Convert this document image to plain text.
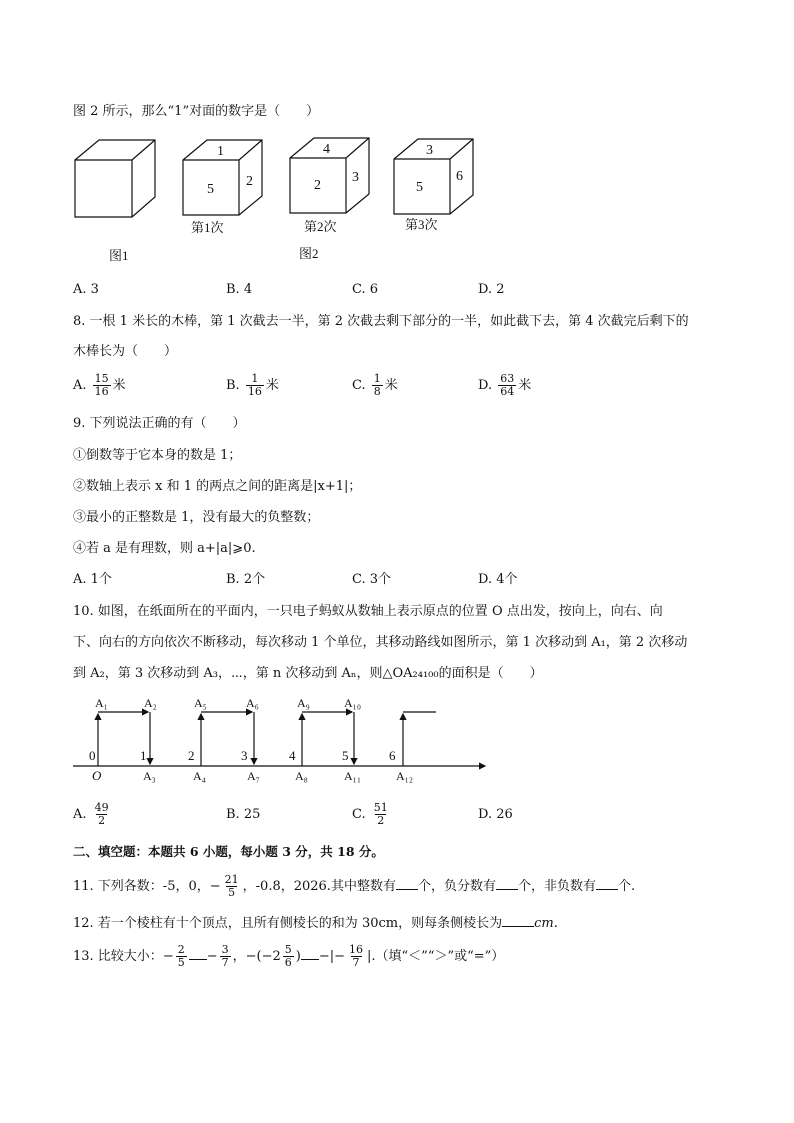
图 2 所示，那么“1”对面的数字是（　　）
1
5
2
4
2
3
3
5
6
第1次	第2次	第3次
图1	图2
A. 3	B. 4	C. 6	D. 2
8. 一根 1 米长的木棒，第 1 次截去一半，第 2 次截去剩下部分的一半，如此截下去，第 4 次截完后剩下的
木棒长为（　　）
A. $\frac{15}{16}$ 米	B. $\frac{1}{16}$ 米	C. $\frac{1}{8}$ 米	D. $\frac{63}{64}$ 米
9. 下列说法正确的有（　　）
①倒数等于它本身的数是 1；
②数轴上表示 x 和 1 的两点之间的距离是|x+1|；
③最小的正整数是 1，没有最大的负整数；
④若 a 是有理数，则 a+|a|⩾0.
A. 1个	B. 2个	C. 3个	D. 4个
10. 如图，在纸面所在的平面内，一只电子蚂蚁从数轴上表示原点的位置 O 点出发，按向上，向右、向
下、向右的方向依次不断移动，每次移动 1 个单位，其移动路线如图所示，第 1 次移动到 A₁，第 2 次移动
到 A₂，第 3 次移动到 A₃，⋯，第 n 次移动到 Aₙ，则△OA₂₄₁₀₀的面积是（　　）
0	1	2	3	4	5	6
O
A₁	A₂	A₅	A₆	A₉	A₁₀
A₃	A₄	A₇	A₈	A₁₁	A₁₂
A. $\frac{49}{2}$	B. 25	C. $\frac{51}{2}$	D. 26
二、填空题：本题共 6 小题，每小题 3 分，共 18 分。
11. 下列各数：-5，0，− $\frac{21}{5}$ ，-0.8，2026.其中整数有 个，负分数有 个，非负数有 个.
12. 若一个棱柱有十个顶点，且所有侧棱长的和为 30cm，则每条侧棱长为 cm.
13. 比较大小：− $\frac{2}{5} - \frac{3}{7}$ ，$-(-2 \frac{5}{6}$ ) −|− $\frac{16}{7}$ |.（填“＜”“＞”或“=”）
